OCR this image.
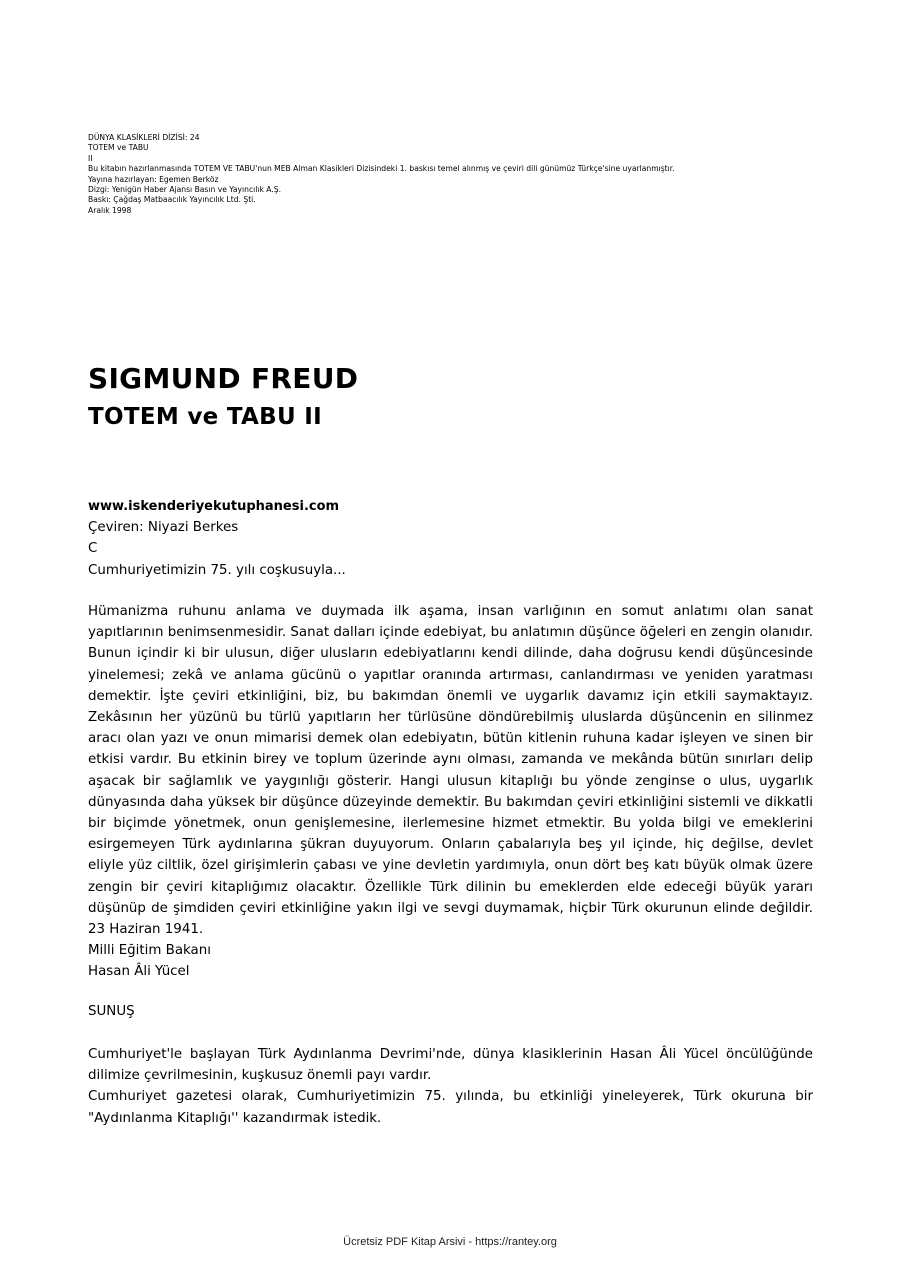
DÜNYA KLASİKLERİ DİZİSİ: 24
TOTEM ve TABU
II
Bu kitabın hazırlanmasında TOTEM VE TABU'nun MEB Alman Klasikleri Dizisindeki 1. baskısı temel alınmış ve çeviri dili günümüz Türkçe'sine uyarlanmıştır.
Yayına hazırlayan: Egemen Berköz
Dizgi: Yenigün Haber Ajansı Basın ve Yayıncılık A.Ş.
Baskı: Çağdaş Matbaacılık Yayıncılık Ltd. Şti.
Aralık 1998
SIGMUND FREUD
TOTEM ve TABU II
www.iskenderiyekutuphanesi.com
Çeviren: Niyazi Berkes
C
Cumhuriyetimizin 75. yılı coşkusuyla...

Hümanizma ruhunu anlama ve duymada ilk aşama, insan varlığının en somut anlatımı olan sanat yapıtlarının benimsenmesidir. Sanat dalları içinde edebiyat, bu anlatımın düşünce öğeleri en zengin olanıdır. Bunun içindir ki bir ulusun, diğer ulusların edebiyatlarını kendi dilinde, daha doğrusu kendi düşüncesinde yinelemesi; zekâ ve anlama gücünü o yapıtlar oranında artırması, canlandırması ve yeniden yaratması demektir. İşte çeviri etkinliğini, biz, bu bakımdan önemli ve uygarlık davamız için etkili saymaktayız. Zekâsının her yüzünü bu türlü yapıtların her türlüsüne döndürebilmiş uluslarda düşüncenin en silinmez aracı olan yazı ve onun mimarisi demek olan edebiyatın, bütün kitlenin ruhuna kadar işleyen ve sinen bir etkisi vardır. Bu etkinin birey ve toplum üzerinde aynı olması, zamanda ve mekânda bütün sınırları delip aşacak bir sağlamlık ve yaygınlığı gösterir. Hangi ulusun kitaplığı bu yönde zenginse o ulus, uygarlık dünyasında daha yüksek bir düşünce düzeyinde demektir. Bu bakımdan çeviri etkinliğini sistemli ve dikkatli bir biçimde yönetmek, onun genişlemesine, ilerlemesine hizmet etmektir. Bu yolda bilgi ve emeklerini esirgemeyen Türk aydınlarına şükran duyuyorum. Onların çabalarıyla beş yıl içinde, hiç değilse, devlet eliyle yüz ciltlik, özel girişimlerin çabası ve yine devletin yardımıyla, onun dört beş katı büyük olmak üzere zengin bir çeviri kitaplığımız olacaktır. Özellikle Türk dilinin bu emeklerden elde edeceği büyük yararı düşünüp de şimdiden çeviri etkinliğine yakın ilgi ve sevgi duymamak, hiçbir Türk okurunun elinde değildir. 23 Haziran 1941.

Milli Eğitim Bakanı

Hasan Âli Yücel

SUNUŞ

Cumhuriyet'le başlayan Türk Aydınlanma Devrimi'nde, dünya klasiklerinin Hasan Âli Yücel öncülüğünde dilimize çevrilmesinin, kuşkusuz önemli payı vardır.

Cumhuriyet gazetesi olarak, Cumhuriyetimizin 75. yılında, bu etkinliği yineleyerek, Türk okuruna bir "Aydınlanma Kitaplığı'' kazandırmak istedik.

Ücretsiz PDF Kitap Arsivi - https://rantey.org
